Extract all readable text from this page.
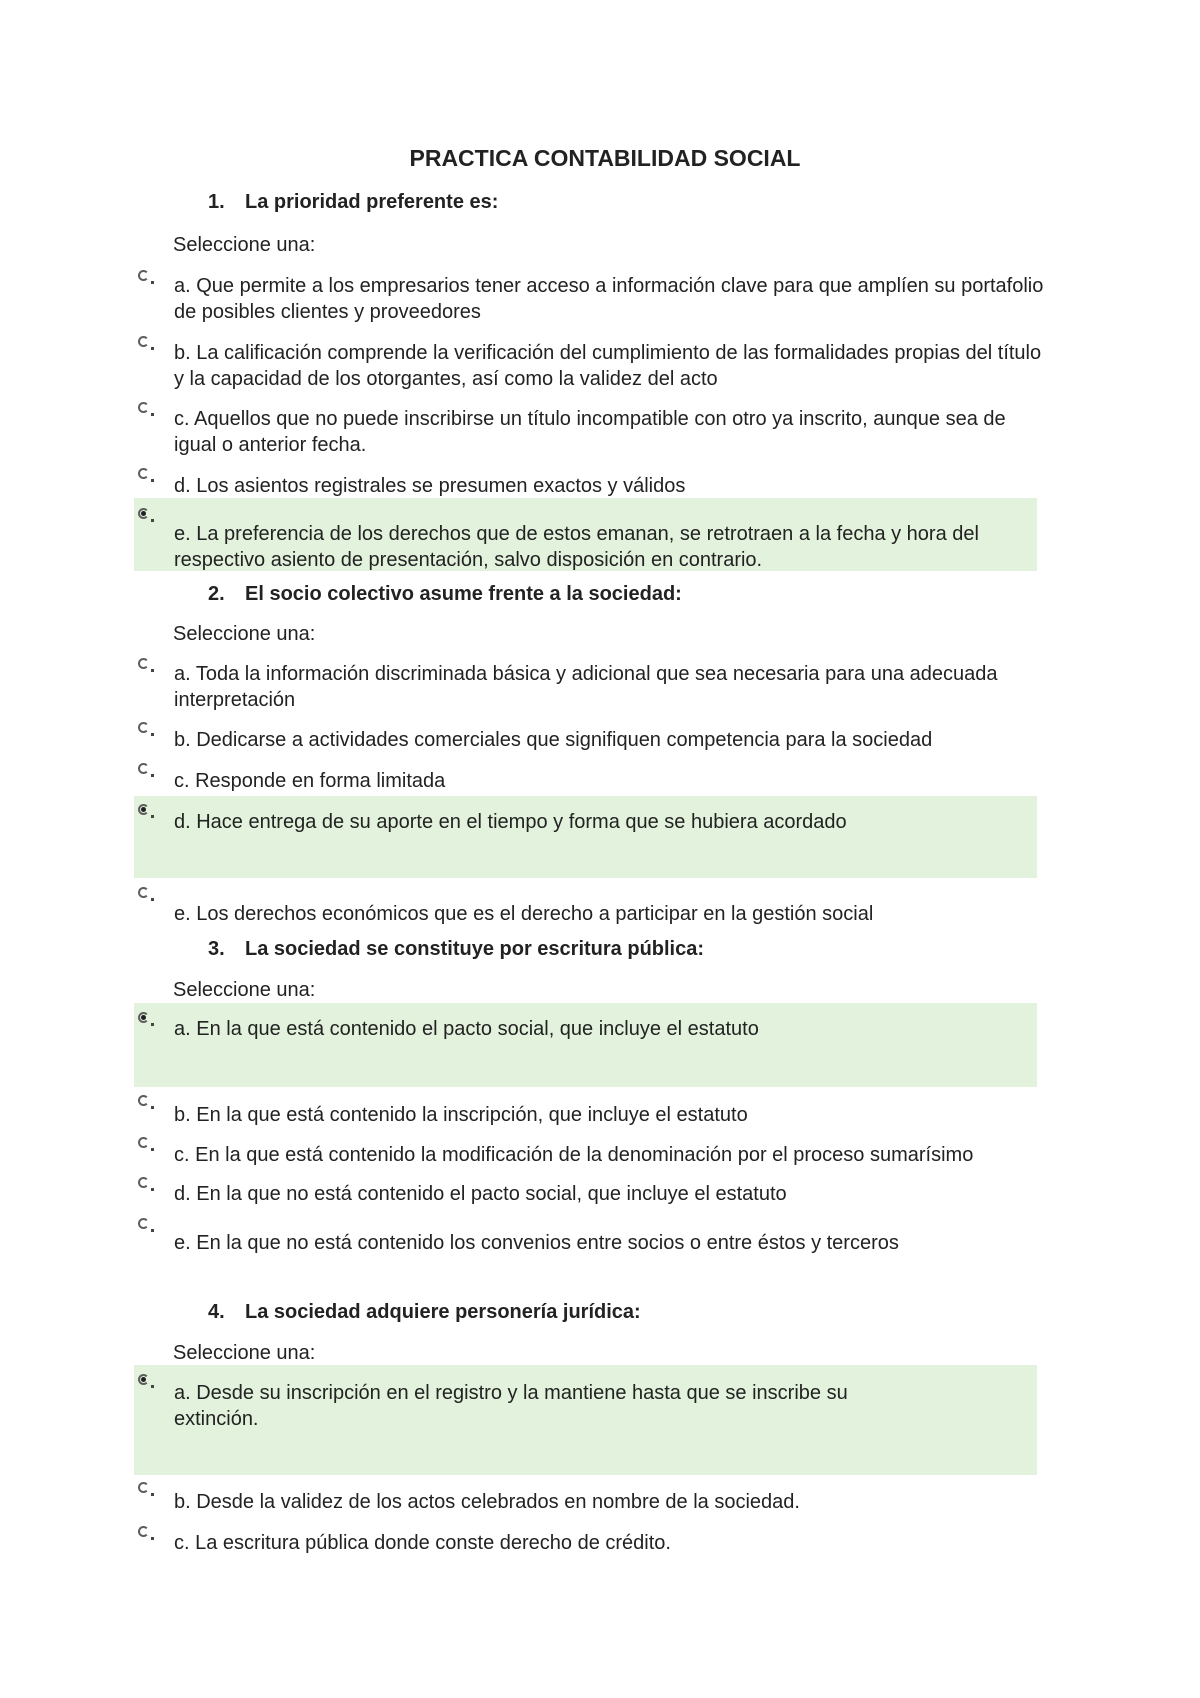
PRACTICA CONTABILIDAD SOCIAL
1. La prioridad preferente es:
Seleccione una:
a. Que permite a los empresarios tener acceso a información clave para que amplíen su portafolio de posibles clientes y proveedores
b. La calificación comprende la verificación del cumplimiento de las formalidades propias del título y la capacidad de los otorgantes, así como la validez del acto
c. Aquellos que no puede inscribirse un título incompatible con otro ya inscrito, aunque sea de igual o anterior fecha.
d. Los asientos registrales se presumen exactos y válidos
e. La preferencia de los derechos que de estos emanan, se retrotraen a la fecha y hora del respectivo asiento de presentación, salvo disposición en contrario.
2. El socio colectivo asume frente a la sociedad:
Seleccione una:
a. Toda la información discriminada básica y adicional que sea necesaria para una adecuada interpretación
b. Dedicarse a actividades comerciales que signifiquen competencia para la sociedad
c. Responde en forma limitada
d. Hace entrega de su aporte en el tiempo y forma que se hubiera acordado
e. Los derechos económicos que es el derecho a participar en la gestión social
3. La sociedad se constituye por escritura pública:
Seleccione una:
a. En la que está contenido el pacto social, que incluye el estatuto
b. En la que está contenido la inscripción, que incluye el estatuto
c. En la que está contenido la modificación de la denominación por el proceso sumarísimo
d. En la que no está contenido el pacto social, que incluye el estatuto
e. En la que no está contenido los convenios entre socios o entre éstos y terceros
4. La sociedad adquiere personería jurídica:
Seleccione una:
a. Desde su inscripción en el registro y la mantiene hasta que se inscribe su extinción.
b. Desde la validez de los actos celebrados en nombre de la sociedad.
c. La escritura pública donde conste derecho de crédito.
